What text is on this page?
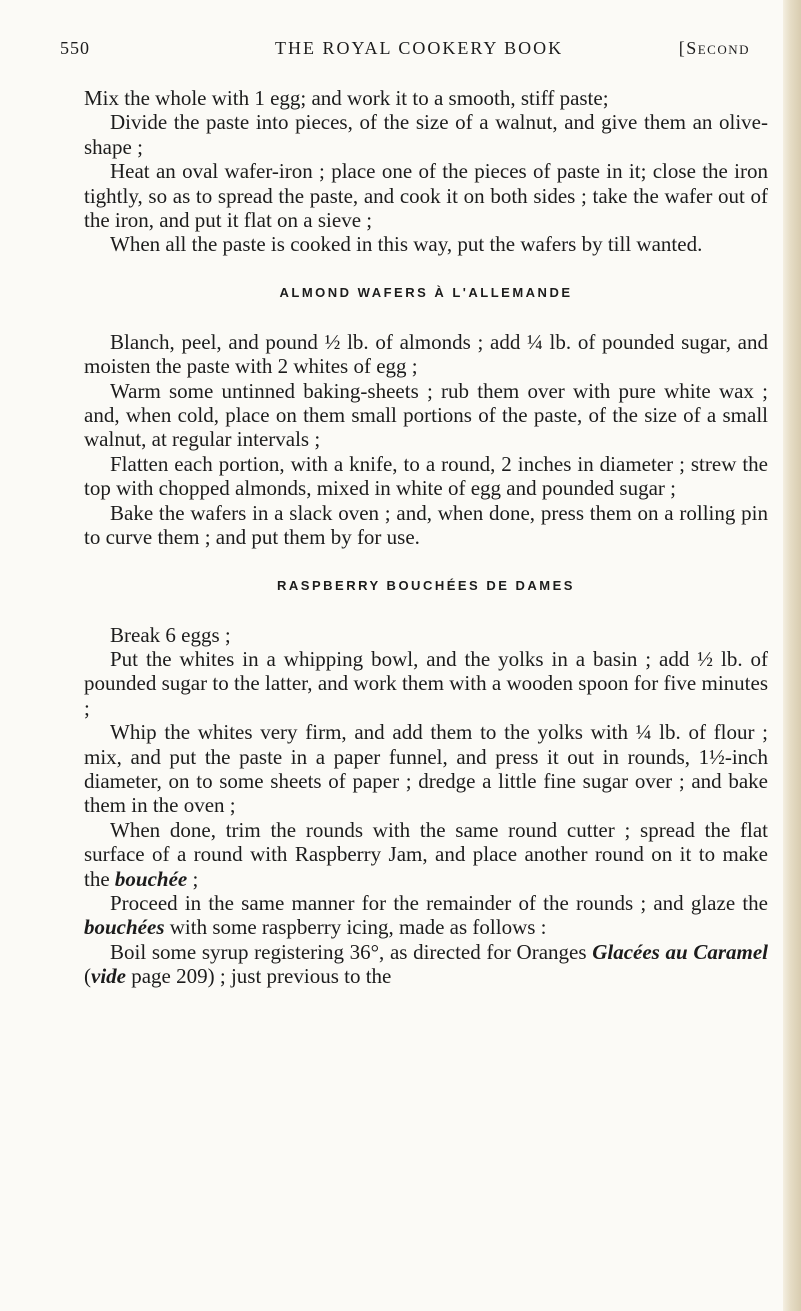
550	THE ROYAL COOKERY BOOK	[Second

Mix the whole with 1 egg; and work it to a smooth, stiff paste;

Divide the paste into pieces, of the size of a walnut, and give them an olive-shape ;

Heat an oval wafer-iron ; place one of the pieces of paste in it; close the iron tightly, so as to spread the paste, and cook it on both sides ; take the wafer out of the iron, and put it flat on a sieve ;

When all the paste is cooked in this way, put the wafers by till wanted.

ALMOND WAFERS À L'ALLEMANDE

Blanch, peel, and pound ½ lb. of almonds ; add ¼ lb. of pounded sugar, and moisten the paste with 2 whites of egg ;

Warm some untinned baking-sheets ; rub them over with pure white wax ; and, when cold, place on them small portions of the paste, of the size of a small walnut, at regular intervals ;

Flatten each portion, with a knife, to a round, 2 inches in diameter ; strew the top with chopped almonds, mixed in white of egg and pounded sugar ;

Bake the wafers in a slack oven ; and, when done, press them on a rolling pin to curve them ; and put them by for use.

RASPBERRY BOUCHÉES DE DAMES

Break 6 eggs ;

Put the whites in a whipping bowl, and the yolks in a basin ; add ½ lb. of pounded sugar to the latter, and work them with a wooden spoon for five minutes ;

Whip the whites very firm, and add them to the yolks with ¼ lb. of flour ; mix, and put the paste in a paper funnel, and press it out in rounds, 1½-inch diameter, on to some sheets of paper ; dredge a little fine sugar over ; and bake them in the oven ;

When done, trim the rounds with the same round cutter ; spread the flat surface of a round with Raspberry Jam, and place another round on it to make the bouchée ;

Proceed in the same manner for the remainder of the rounds ; and glaze the bouchées with some raspberry icing, made as follows :

Boil some syrup registering 36°, as directed for Oranges Glacées au Caramel (vide page 209) ; just previous to the
